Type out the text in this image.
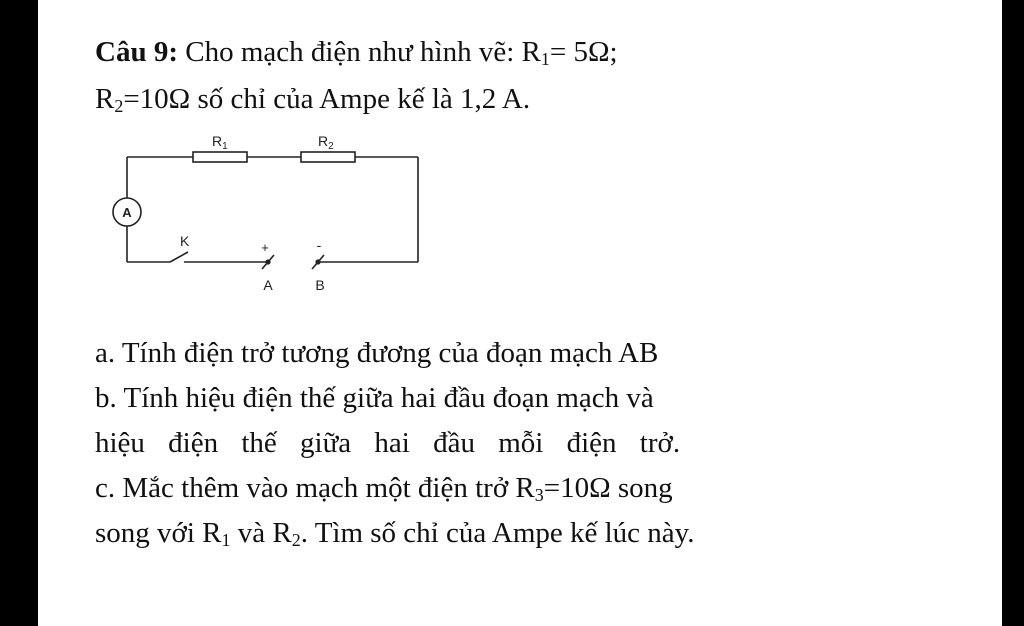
Câu 9: Cho mạch điện như hình vẽ: $R_1= 5\Omega$;
$R_2=10\Omega$ số chỉ của Ampe kế là 1,2 A.
$R_1$	$R_2$
A
K	+	-
A	B
a. Tính điện trở tương đương của đoạn mạch AB
b. Tính hiệu điện thế giữa hai đầu đoạn mạch và
hiệu điện thế giữa hai đầu mỗi điện trở.
c. Mắc thêm vào mạch một điện trở $R_3=10\Omega$ song
song với $R_1$ và $R_2$. Tìm số chỉ của Ampe kế lúc này.
